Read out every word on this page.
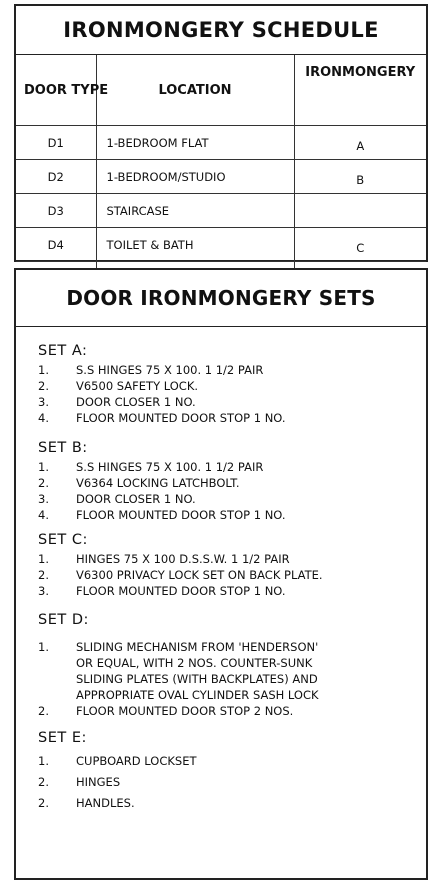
IRONMONGERY SCHEDULE
DOOR TYPE	LOCATION	IRONMONGERY
D1	1-BEDROOM FLAT	A
D2	1-BEDROOM/STUDIO	B
D3	STAIRCASE	
D4	TOILET & BATH	C

DOOR IRONMONGERY SETS
SET A:
1.	S.S HINGES 75 X 100. 1 1/2 PAIR
2.	V6500 SAFETY LOCK.
3.	DOOR CLOSER 1 NO.
4.	FLOOR MOUNTED DOOR STOP 1 NO.
SET B:
1.	S.S HINGES 75 X 100. 1 1/2 PAIR
2.	V6364 LOCKING LATCHBOLT.
3.	DOOR CLOSER 1 NO.
4.	FLOOR MOUNTED DOOR STOP 1 NO.
SET C:
1.	HINGES 75 X 100 D.S.S.W. 1 1/2 PAIR
2.	V6300 PRIVACY LOCK SET ON BACK PLATE.
3.	FLOOR MOUNTED DOOR STOP 1 NO.
SET D:
1.	SLIDING MECHANISM FROM 'HENDERSON'
OR EQUAL, WITH 2 NOS. COUNTER-SUNK
SLIDING PLATES (WITH BACKPLATES) AND
APPROPRIATE OVAL CYLINDER SASH LOCK
2.	FLOOR MOUNTED DOOR STOP 2 NOS.
SET E:
1.	CUPBOARD LOCKSET
2.	HINGES
2.	HANDLES.
